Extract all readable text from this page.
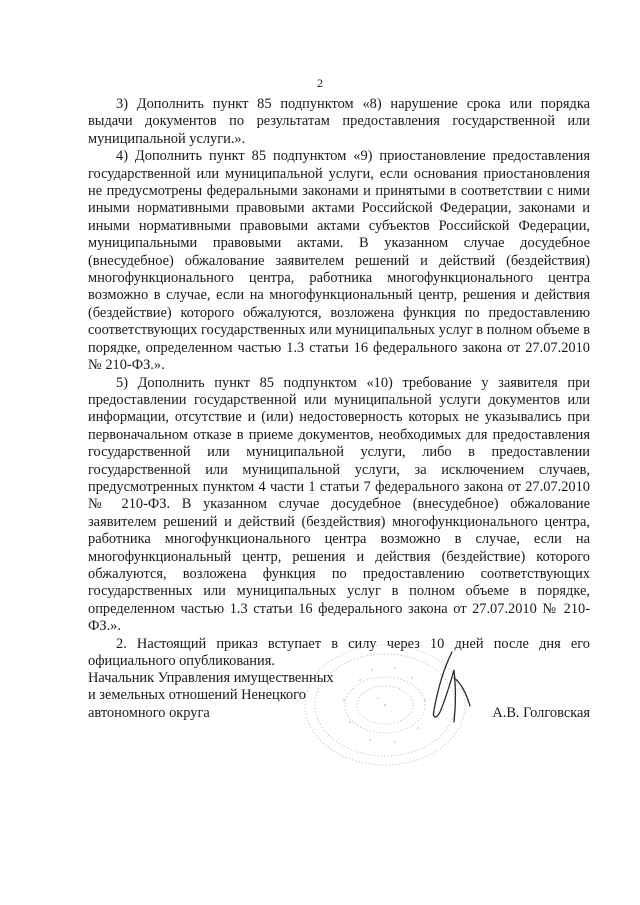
2

3) Дополнить пункт 85 подпунктом «8) нарушение срока или порядка выдачи документов по результатам предоставления государственной или муниципальной услуги.».

4) Дополнить пункт 85 подпунктом «9) приостановление предоставления государственной или муниципальной услуги, если основания приостановления не предусмотрены федеральными законами и принятыми в соответствии с ними иными нормативными правовыми актами Российской Федерации, законами и иными нормативными правовыми актами субъектов Российской Федерации, муниципальными правовыми актами. В указанном случае досудебное (внесудебное) обжалование заявителем решений и действий (бездействия) многофункционального центра, работника многофункционального центра возможно в случае, если на многофункциональный центр, решения и действия (бездействие) которого обжалуются, возложена функция по предоставлению соответствующих государственных или муниципальных услуг в полном объеме в порядке, определенном частью 1.3 статьи 16 федерального закона от 27.07.2010 № 210-ФЗ.».

5) Дополнить пункт 85 подпунктом «10) требование у заявителя при предоставлении государственной или муниципальной услуги документов или информации, отсутствие и (или) недостоверность которых не указывались при первоначальном отказе в приеме документов, необходимых для предоставления государственной или муниципальной услуги, либо в предоставлении государственной или муниципальной услуги, за исключением случаев, предусмотренных пунктом 4 части 1 статьи 7 федерального закона от 27.07.2010 № 210-ФЗ. В указанном случае досудебное (внесудебное) обжалование заявителем решений и действий (бездействия) многофункционального центра, работника многофункционального центра возможно в случае, если на многофункциональный центр, решения и действия (бездействие) которого обжалуются, возложена функция по предоставлению соответствующих государственных или муниципальных услуг в полном объеме в порядке, определенном частью 1.3 статьи 16 федерального закона от 27.07.2010 № 210-ФЗ.».

2. Настоящий приказ вступает в силу через 10 дней после дня его официального опубликования.

Начальник Управления имущественных
и земельных отношений Ненецкого
автономного округа	А.В. Голговская
